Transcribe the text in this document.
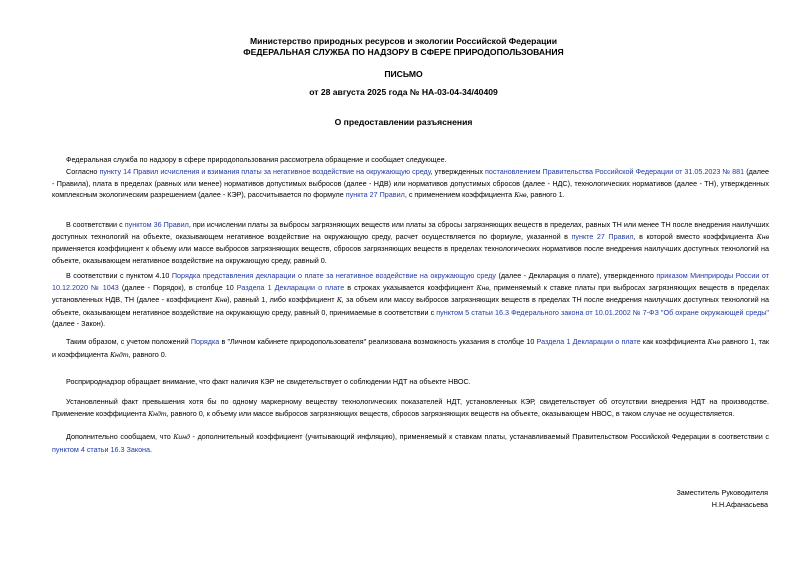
Министерство природных ресурсов и экологии Российской Федерации
ФЕДЕРАЛЬНАЯ СЛУЖБА ПО НАДЗОРУ В СФЕРЕ ПРИРОДОПОЛЬЗОВАНИЯ
ПИСЬМО
от 28 августа 2025 года № НА-03-04-34/40409
О предоставлении разъяснения
Федеральная служба по надзору в сфере природопользования рассмотрела обращение и сообщает следующее.
Согласно пункту 14 Правил исчисления и взимания платы за негативное воздействие на окружающую среду, утвержденных постановлением Правительства Российской Федерации от 31.05.2023 № 881 (далее - Правила), плата в пределах (равных или менее) нормативов допустимых выбросов (далее - НДВ) или нормативов допустимых сбросов (далее - НДС), технологических нормативов (далее - ТН), утвержденных комплексным экологическим разрешением (далее - КЭР), рассчитывается по формуле пункта 27 Правил, с применением коэффициента Кнв, равного 1.
В соответствии с пунктом 36 Правил, при исчислении платы за выбросы загрязняющих веществ или платы за сбросы загрязняющих веществ в пределах, равных ТН или менее ТН после внедрения наилучших доступных технологий на объекте, оказывающем негативное воздействие на окружающую среду, расчет осуществляется по формуле, указанной в пункте 27 Правил, в которой вместо коэффициента Кнв применяется коэффициент к объему или массе выбросов загрязняющих веществ, сбросов загрязняющих веществ в пределах технологических нормативов после внедрения наилучших доступных технологий на объекте, оказывающем негативное воздействие на окружающую среду, равный 0.
В соответствии с пунктом 4.10 Порядка представления декларации о плате за негативное воздействие на окружающую среду (далее - Декларация о плате), утвержденного приказом Минприроды России от 10.12.2020 № 1043 (далее - Порядок), в столбце 10 Раздела 1 Декларации о плате в строках указывается коэффициент Кнв, применяемый к ставке платы при выбросах загрязняющих веществ в пределах установленных НДВ, ТН (далее - коэффициент Кнв), равный 1, либо коэффициент К, за объем или массу выбросов загрязняющих веществ в пределах ТН после внедрения наилучших доступных технологий на объекте, оказывающем негативное воздействие на окружающую среду, равный 0, принимаемые в соответствии с пунктом 5 статьи 16.3 Федерального закона от 10.01.2002 № 7-ФЗ "Об охране окружающей среды" (далее - Закон).
Таким образом, с учетом положений Порядка в "Личном кабинете природопользователя" реализована возможность указания в столбце 10 Раздела 1 Декларации о плате как коэффициента Кнв равного 1, так и коэффициента Кндт, равного 0.
Росприроднадзор обращает внимание, что факт наличия КЭР не свидетельствует о соблюдении НДТ на объекте НВОС.
Установленный факт превышения хотя бы по одному маркерному веществу технологических показателей НДТ, установленных КЭР, свидетельствует об отсутствии внедрения НДТ на производстве. Применение коэффициента Кндт, равного 0, к объему или массе выбросов загрязняющих веществ, сбросов загрязняющих веществ на объекте, оказывающем НВОС, в таком случае не осуществляется.
Дополнительно сообщаем, что Кинд - дополнительный коэффициент (учитывающий инфляцию), применяемый к ставкам платы, устанавливаемый Правительством Российской Федерации в соответствии с пунктом 4 статьи 16.3 Закона.
Заместитель Руководителя
Н.Н.Афанасьева
